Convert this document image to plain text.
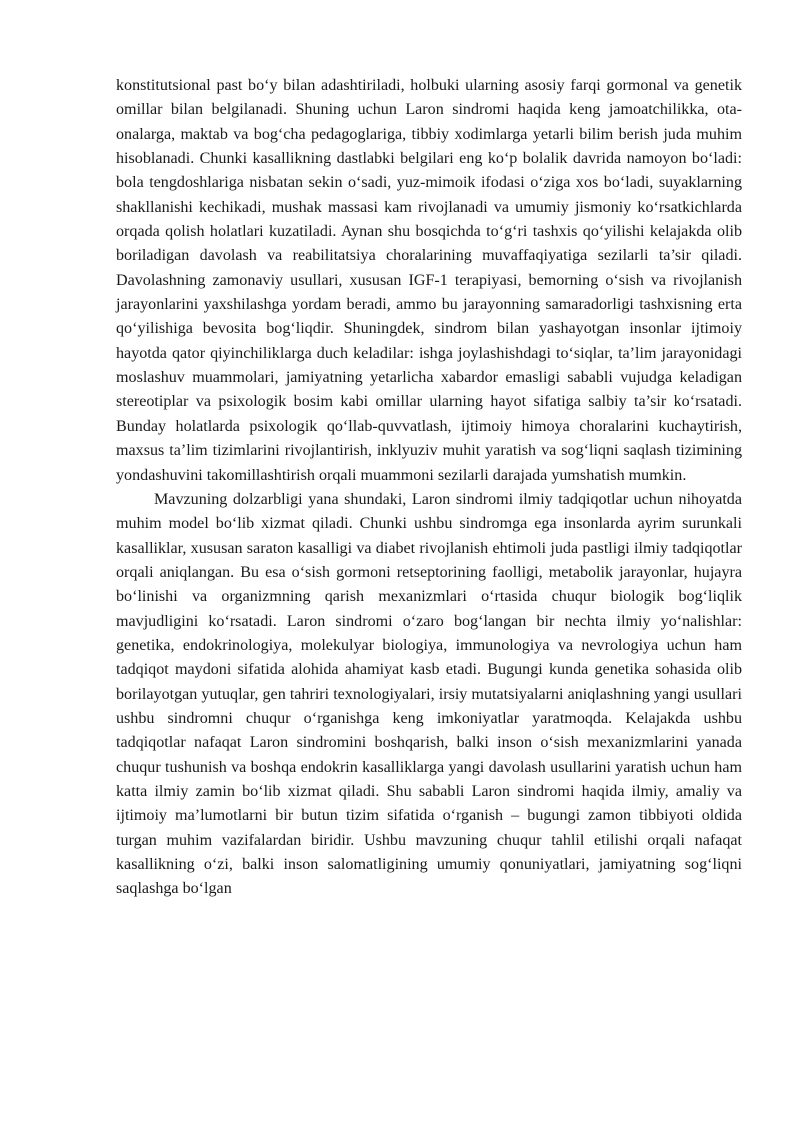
konstitutsional past bo‘y bilan adashtiriladi, holbuki ularning asosiy farqi gormonal va genetik omillar bilan belgilanadi. Shuning uchun Laron sindromi haqida keng jamoatchilikka, ota-onalarga, maktab va bog‘cha pedagoglariga, tibbiy xodimlarga yetarli bilim berish juda muhim hisoblanadi. Chunki kasallikning dastlabki belgilari eng ko‘p bolalik davrida namoyon bo‘ladi: bola tengdoshlariga nisbatan sekin o‘sadi, yuz-mimoik ifodasi o‘ziga xos bo‘ladi, suyaklarning shakllanishi kechikadi, mushak massasi kam rivojlanadi va umumiy jismoniy ko‘rsatkichlarda orqada qolish holatlari kuzatiladi. Aynan shu bosqichda to‘g‘ri tashxis qo‘yilishi kelajakda olib boriladigan davolash va reabilitatsiya choralarining muvaffaqiyatiga sezilarli ta’sir qiladi. Davolashning zamonaviy usullari, xususan IGF-1 terapiyasi, bemorning o‘sish va rivojlanish jarayonlarini yaxshilashga yordam beradi, ammo bu jarayonning samaradorligi tashxisning erta qo‘yilishiga bevosita bog‘liqdir. Shuningdek, sindrom bilan yashayotgan insonlar ijtimoiy hayotda qator qiyinchiliklarga duch keladilar: ishga joylashishdagi to‘siqlar, ta’lim jarayonidagi moslashuv muammolari, jamiyatning yetarlicha xabardor emasligi sababli vujudga keladigan stereotiplar va psixologik bosim kabi omillar ularning hayot sifatiga salbiy ta’sir ko‘rsatadi. Bunday holatlarda psixologik qo‘llab-quvvatlash, ijtimoiy himoya choralarini kuchaytirish, maxsus ta’lim tizimlarini rivojlantirish, inklyuziv muhit yaratish va sog‘liqni saqlash tizimining yondashuvini takomillashtirish orqali muammoni sezilarli darajada yumshatish mumkin.

Mavzuning dolzarbligi yana shundaki, Laron sindromi ilmiy tadqiqotlar uchun nihoyatda muhim model bo‘lib xizmat qiladi. Chunki ushbu sindromga ega insonlarda ayrim surunkali kasalliklar, xususan saraton kasalligi va diabet rivojlanish ehtimoli juda pastligi ilmiy tadqiqotlar orqali aniqlangan. Bu esa o‘sish gormoni retseptorining faolligi, metabolik jarayonlar, hujayra bo‘linishi va organizmning qarish mexanizmlari o‘rtasida chuqur biologik bog‘liqlik mavjudligini ko‘rsatadi. Laron sindromi o‘zaro bog‘langan bir nechta ilmiy yo‘nalishlar: genetika, endokrinologiya, molekulyar biologiya, immunologiya va nevrologiya uchun ham tadqiqot maydoni sifatida alohida ahamiyat kasb etadi. Bugungi kunda genetika sohasida olib borilayotgan yutuqlar, gen tahriri texnologiyalari, irsiy mutatsiyalarni aniqlashning yangi usullari ushbu sindromni chuqur o‘rganishga keng imkoniyatlar yaratmoqda. Kelajakda ushbu tadqiqotlar nafaqat Laron sindromini boshqarish, balki inson o‘sish mexanizmlarini yanada chuqur tushunish va boshqa endokrin kasalliklarga yangi davolash usullarini yaratish uchun ham katta ilmiy zamin bo‘lib xizmat qiladi. Shu sababli Laron sindromi haqida ilmiy, amaliy va ijtimoiy ma’lumotlarni bir butun tizim sifatida o‘rganish – bugungi zamon tibbiyoti oldida turgan muhim vazifalardan biridir. Ushbu mavzuning chuqur tahlil etilishi orqali nafaqat kasallikning o‘zi, balki inson salomatligining umumiy qonuniyatlari, jamiyatning sog‘liqni saqlashga bo‘lgan
